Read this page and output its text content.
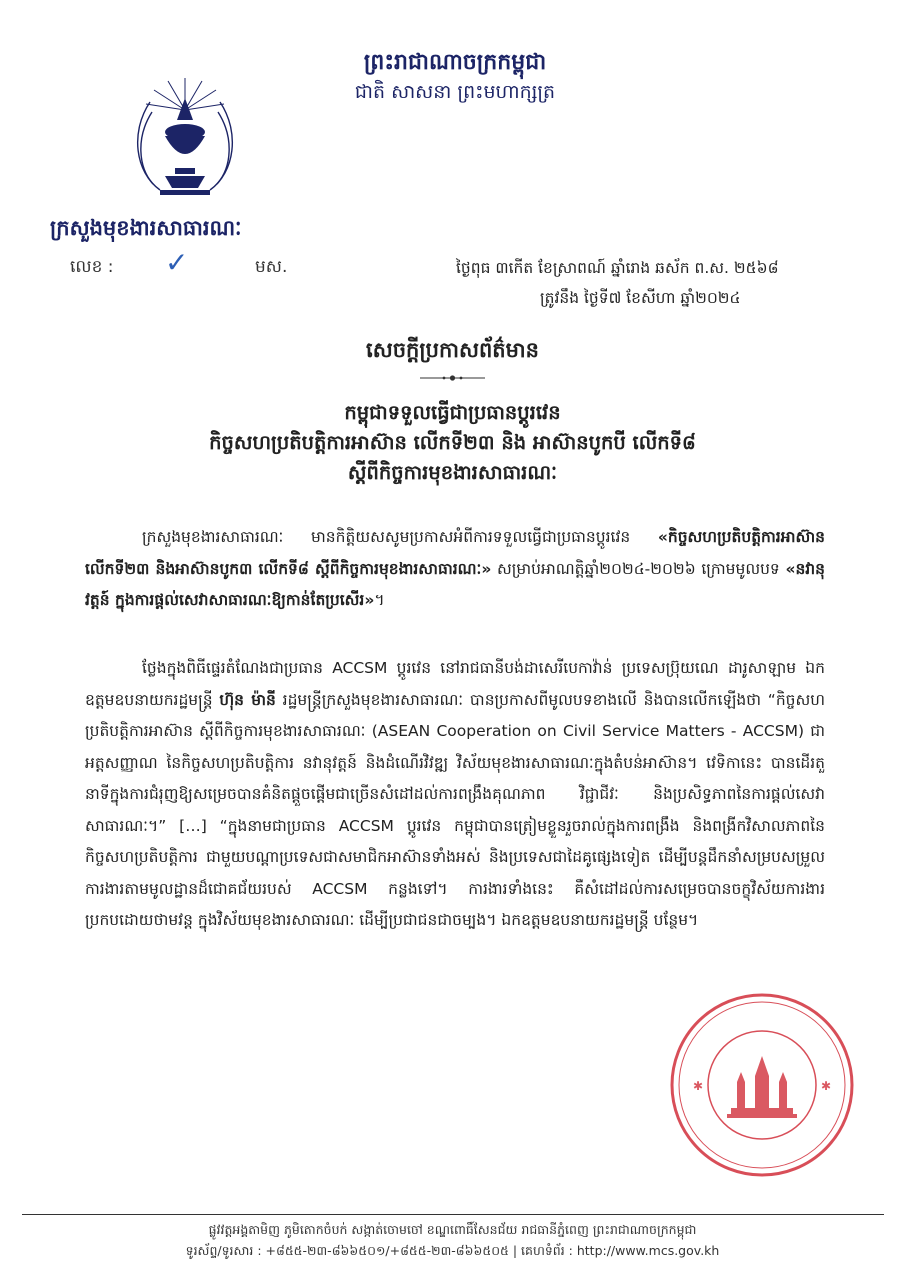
ព្រះរាជាណាចក្រកម្ពុជា
ជាតិ សាសនា ព្រះមហាក្សត្រ
ក្រសួងមុខងារសាធារណៈ
លេខ : ✓	មស.	ថ្ងៃពុធ ៣កើត ខែស្រាពណ៍ ឆ្នាំរោង ឆស័ក ព.ស. ២៥៦៨
ត្រូវនឹង ថ្ងៃទី៧ ខែសីហា ឆ្នាំ២០២៤
សេចក្តីប្រកាសព័ត៌មាន
កម្ពុជាទទួលធ្វើជាប្រធានប្តូរវេន
កិច្ចសហប្រតិបត្តិការអាស៊ាន លើកទី២៣ និង អាស៊ានបូកបី លើកទី៨
ស្តីពីកិច្ចការមុខងារសាធារណៈ
ក្រសួងមុខងារសាធារណៈ មានកិត្តិយសសូមប្រកាសអំពីការទទួលធ្វើជាប្រធានប្តូរវេន «កិច្ចសហប្រតិបត្តិការអាស៊ាន លើកទី២៣ និងអាស៊ានបូក៣ លើកទី៨ ស្តីពីកិច្ចការមុខងារសាធារណៈ» សម្រាប់អាណត្តិឆ្នាំ២០២៤-២០២៦ ក្រោមមូលបទ «នវានុវត្តន៍ ក្នុងការផ្តល់សេវាសាធារណៈឱ្យកាន់តែប្រសើរ»។
ថ្លែងក្នុងពិធីផ្ទេរតំណែងជាប្រធាន ACCSM ប្តូរវេន នៅរាជធានីបង់ដាសេរីបេកាវ៉ាន់ ប្រទេសប្រ៊ុយណេ ដារូសាឡាម ឯកឧត្តមឧបនាយករដ្ឋមន្ត្រី ហ៊ុន ម៉ានី រដ្ឋមន្ត្រីក្រសួងមុខងារសាធារណៈ បានប្រកាសពីមូលបទខាងលើ និងបានលើកឡើងថា “កិច្ចសហប្រតិបត្តិការអាស៊ាន ស្តីពីកិច្ចការមុខងារសាធារណៈ (ASEAN Cooperation on Civil Service Matters - ACCSM) ជាអត្តសញ្ញាណ នៃកិច្ចសហប្រតិបត្តិការ នវានុវត្តន៍ និងដំណើរវិវឌ្ឍ វិស័យមុខងារសាធារណៈក្នុងតំបន់អាស៊ាន។ វេទិកានេះ បានដើរតួនាទីក្នុងការជំរុញឱ្យសម្រេចបានគំនិតផ្តួចផ្តើមជាច្រើនសំដៅដល់ការពង្រឹងគុណភាព វិជ្ជាជីវៈ និងប្រសិទ្ធភាពនៃការផ្តល់សេវាសាធារណៈ។” […] “ក្នុងនាមជាប្រធាន ACCSM ប្តូរវេន កម្ពុជាបានត្រៀមខ្លួនរួចរាល់ក្នុងការពង្រឹង និងពង្រីកវិសាលភាពនៃកិច្ចសហប្រតិបត្តិការ ជាមួយបណ្តាប្រទេសជាសមាជិកអាស៊ានទាំងអស់ និងប្រទេសជាដៃគូផ្សេងទៀត ដើម្បីបន្តដឹកនាំសម្របសម្រួលការងារតាមមូលដ្ឋានដ៏ជោគជ័យរបស់ ACCSM កន្លងទៅ។ ការងារទាំងនេះ គឺសំដៅដល់ការសម្រេចបានចក្ខុវិស័យការងារប្រកបដោយថាមវន្ត ក្នុងវិស័យមុខងារសាធារណៈ ដើម្បីប្រជាជនជាចម្បង។ ឯកឧត្តមឧបនាយករដ្ឋមន្ត្រី បន្ថែម។
✱	✱
ផ្លូវវត្តអង្គតាមិញ ភូមិតោកចំបក់ សង្កាត់ចោមចៅ ខណ្ឌពោធិ៍សែនជ័យ រាជធានីភ្នំពេញ ព្រះរាជាណាចក្រកម្ពុជា
ទូរស័ព្ទ/ទូរសារ : +៨៥៥-២៣-៨៦៦៥០១/+៨៥៥-២៣-៨៦៦៥០៥ | គេហទំព័រ : http://www.mcs.gov.kh
